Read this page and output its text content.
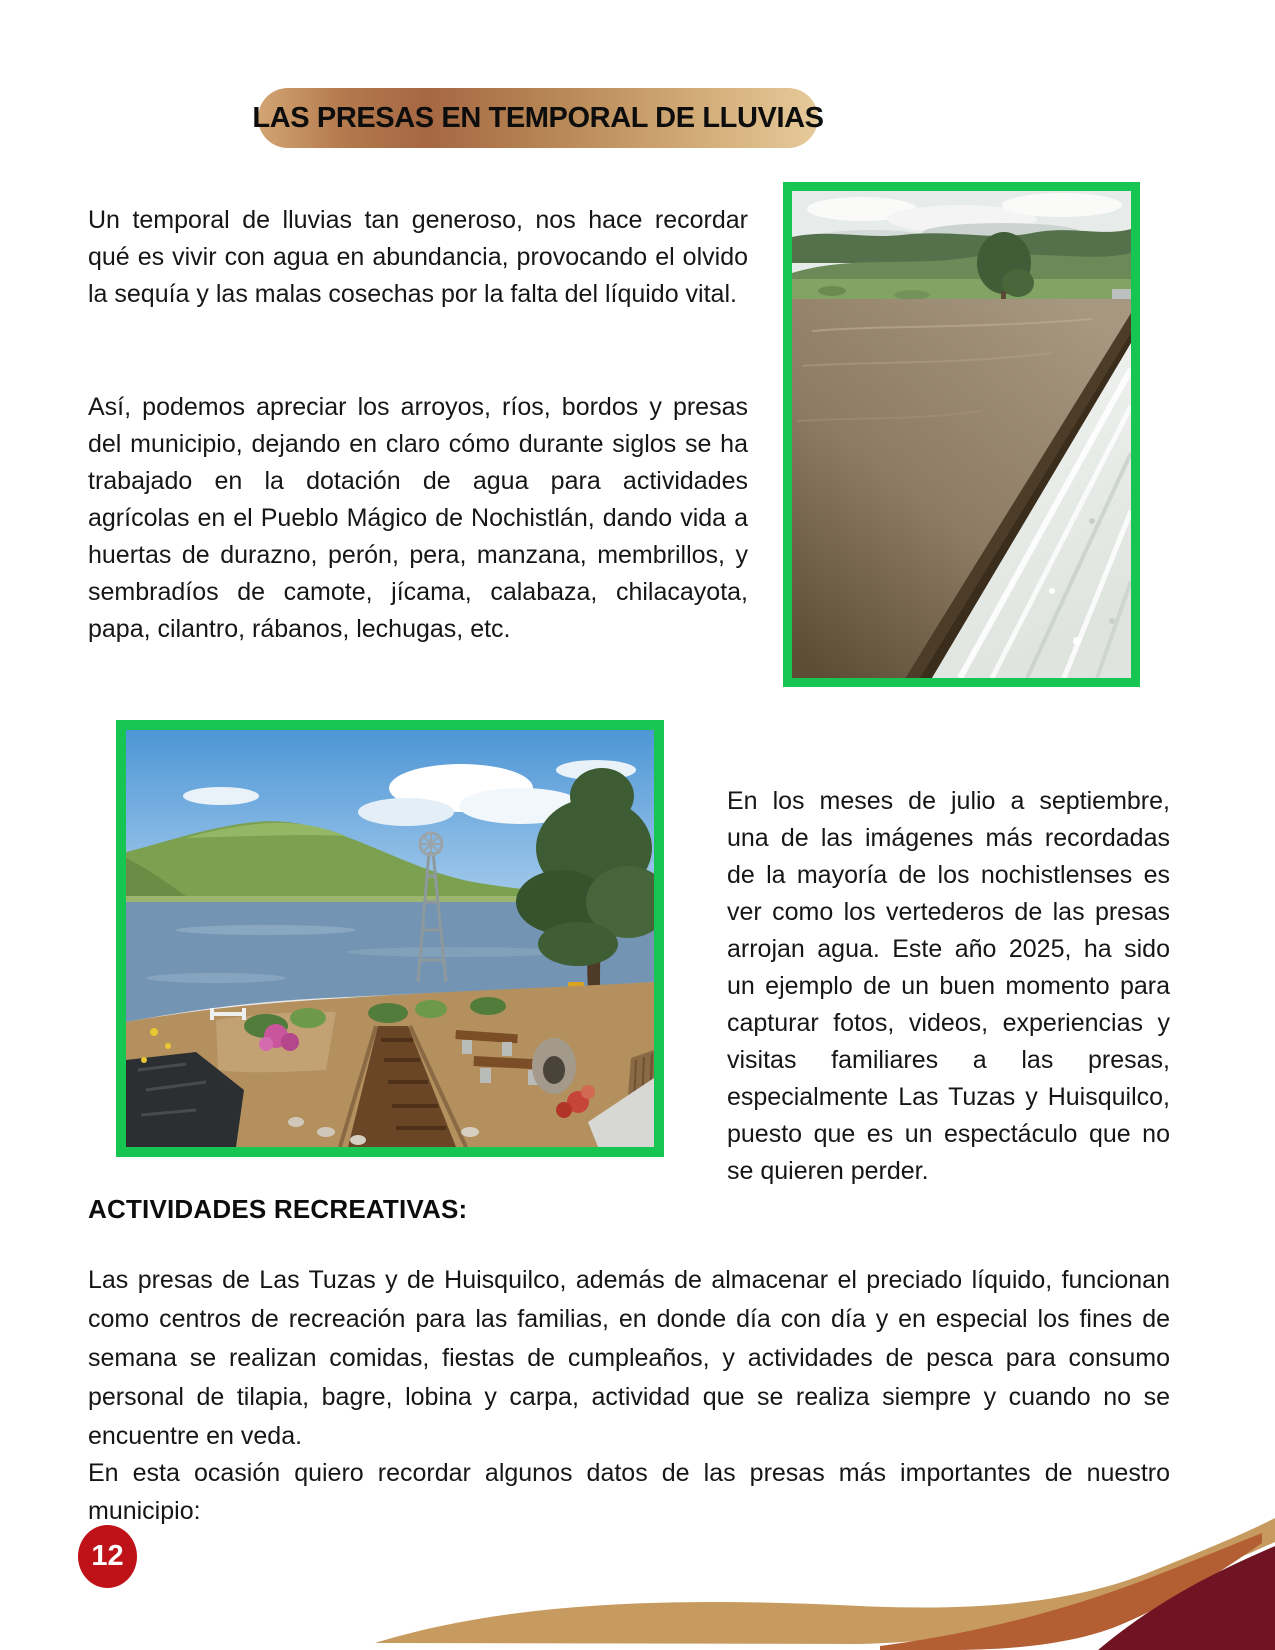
LAS PRESAS EN TEMPORAL DE LLUVIAS

Un temporal de lluvias tan generoso, nos hace recordar qué es vivir con agua en abundancia, provocando el olvido la sequía y las malas cosechas por la falta del líquido vital.

Así, podemos apreciar los arroyos, ríos, bordos y presas del municipio, dejando en claro cómo durante siglos se ha trabajado en la dotación de agua para actividades agrícolas en el Pueblo Mágico de Nochistlán, dando vida a huertas de durazno, perón, pera, manzana, membrillos, y sembradíos de camote, jícama, calabaza, chilacayota, papa, cilantro, rábanos, lechugas, etc.

En los meses de julio a septiembre, una de las imágenes más recordadas de la mayoría de los nochistlenses es ver como los vertederos de las presas arrojan agua. Este año 2025, ha sido un ejemplo de un buen momento para capturar fotos, videos, experiencias y visitas familiares a las presas, especialmente Las Tuzas y Huisquilco, puesto que es un espectáculo que no se quieren perder.

ACTIVIDADES RECREATIVAS:

Las presas de Las Tuzas y de Huisquilco, además de almacenar el preciado líquido, funcionan como centros de recreación para las familias, en donde día con día y en especial los fines de semana se realizan comidas, fiestas de cumpleaños, y actividades de pesca para consumo personal de tilapia, bagre, lobina y carpa, actividad que se realiza siempre y cuando no se encuentre en veda.

En esta ocasión quiero recordar algunos datos de las presas más importantes de nuestro municipio:

12
